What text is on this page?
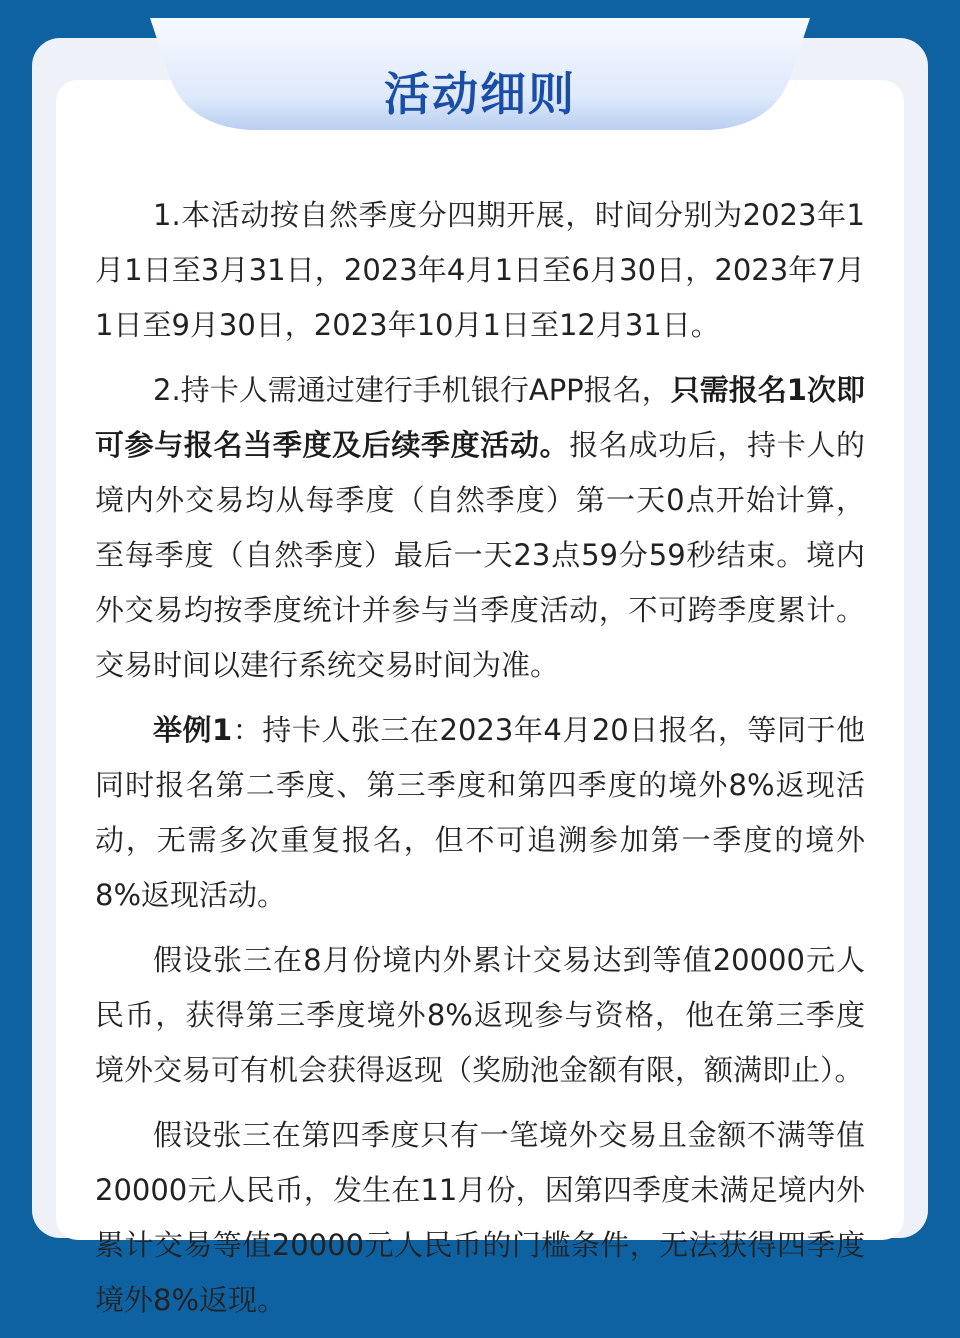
活动细则

1.本活动按自然季度分四期开展，时间分别为2023年1月1日至3月31日，2023年4月1日至6月30日，2023年7月1日至9月30日，2023年10月1日至12月31日。

2.持卡人需通过建行手机银行APP报名，只需报名1次即可参与报名当季度及后续季度活动。报名成功后，持卡人的境内外交易均从每季度（自然季度）第一天0点开始计算，至每季度（自然季度）最后一天23点59分59秒结束。境内外交易均按季度统计并参与当季度活动，不可跨季度累计。交易时间以建行系统交易时间为准。

举例1：持卡人张三在2023年4月20日报名，等同于他同时报名第二季度、第三季度和第四季度的境外8%返现活动，无需多次重复报名，但不可追溯参加第一季度的境外8%返现活动。

假设张三在8月份境内外累计交易达到等值20000元人民币，获得第三季度境外8%返现参与资格，他在第三季度境外交易可有机会获得返现（奖励池金额有限，额满即止）。

假设张三在第四季度只有一笔境外交易且金额不满等值20000元人民币，发生在11月份，因第四季度未满足境内外累计交易等值20000元人民币的门槛条件，无法获得四季度境外8%返现。
